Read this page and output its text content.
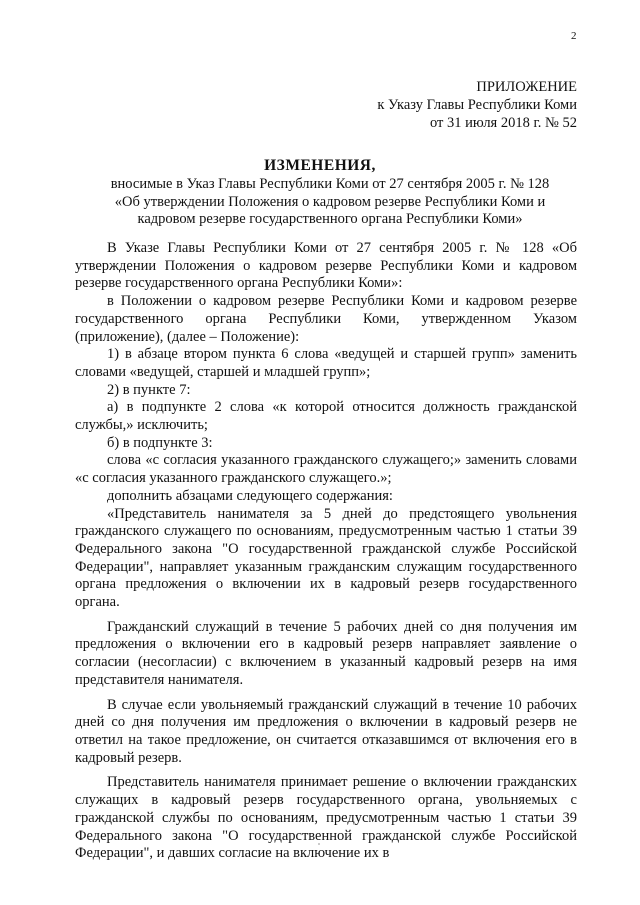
2
ПРИЛОЖЕНИЕ
к Указу Главы Республики Коми
от 31 июля 2018 г. № 52
ИЗМЕНЕНИЯ,
вносимые в Указ Главы Республики Коми от 27 сентября 2005 г. № 128
«Об утверждении Положения о кадровом резерве Республики Коми и
кадровом резерве государственного органа Республики Коми»

В Указе Главы Республики Коми от 27 сентября 2005 г. № 128 «Об утверждении Положения о кадровом резерве Республики Коми и кадровом резерве государственного органа Республики Коми»:

в Положении о кадровом резерве Республики Коми и кадровом резерве государственного органа Республики Коми, утвержденном Указом (приложение), (далее – Положение):

1) в абзаце втором пункта 6 слова «ведущей и старшей групп» заменить словами «ведущей, старшей и младшей групп»;

2) в пункте 7:

а) в подпункте 2 слова «к которой относится должность гражданской службы,» исключить;

б) в подпункте 3:

слова «с согласия указанного гражданского служащего;» заменить словами «с согласия указанного гражданского служащего.»;

дополнить абзацами следующего содержания:

«Представитель нанимателя за 5 дней до предстоящего увольнения гражданского служащего по основаниям, предусмотренным частью 1 статьи 39 Федерального закона "О государственной гражданской службе Российской Федерации", направляет указанным гражданским служащим государственного органа предложения о включении их в кадровый резерв государственного органа.

Гражданский служащий в течение 5 рабочих дней со дня получения им предложения о включении его в кадровый резерв направляет заявление о согласии (несогласии) с включением в указанный кадровый резерв на имя представителя нанимателя.

В случае если увольняемый гражданский служащий в течение 10 рабочих дней со дня получения им предложения о включении в кадровый резерв не ответил на такое предложение, он считается отказавшимся от включения его в кадровый резерв.

Представитель нанимателя принимает решение о включении гражданских служащих в кадровый резерв государственного органа, увольняемых с гражданской службы по основаниям, предусмотренным частью 1 статьи 39 Федерального закона "О государственной гражданской службе Российской Федерации", и давших согласие на включение их в
